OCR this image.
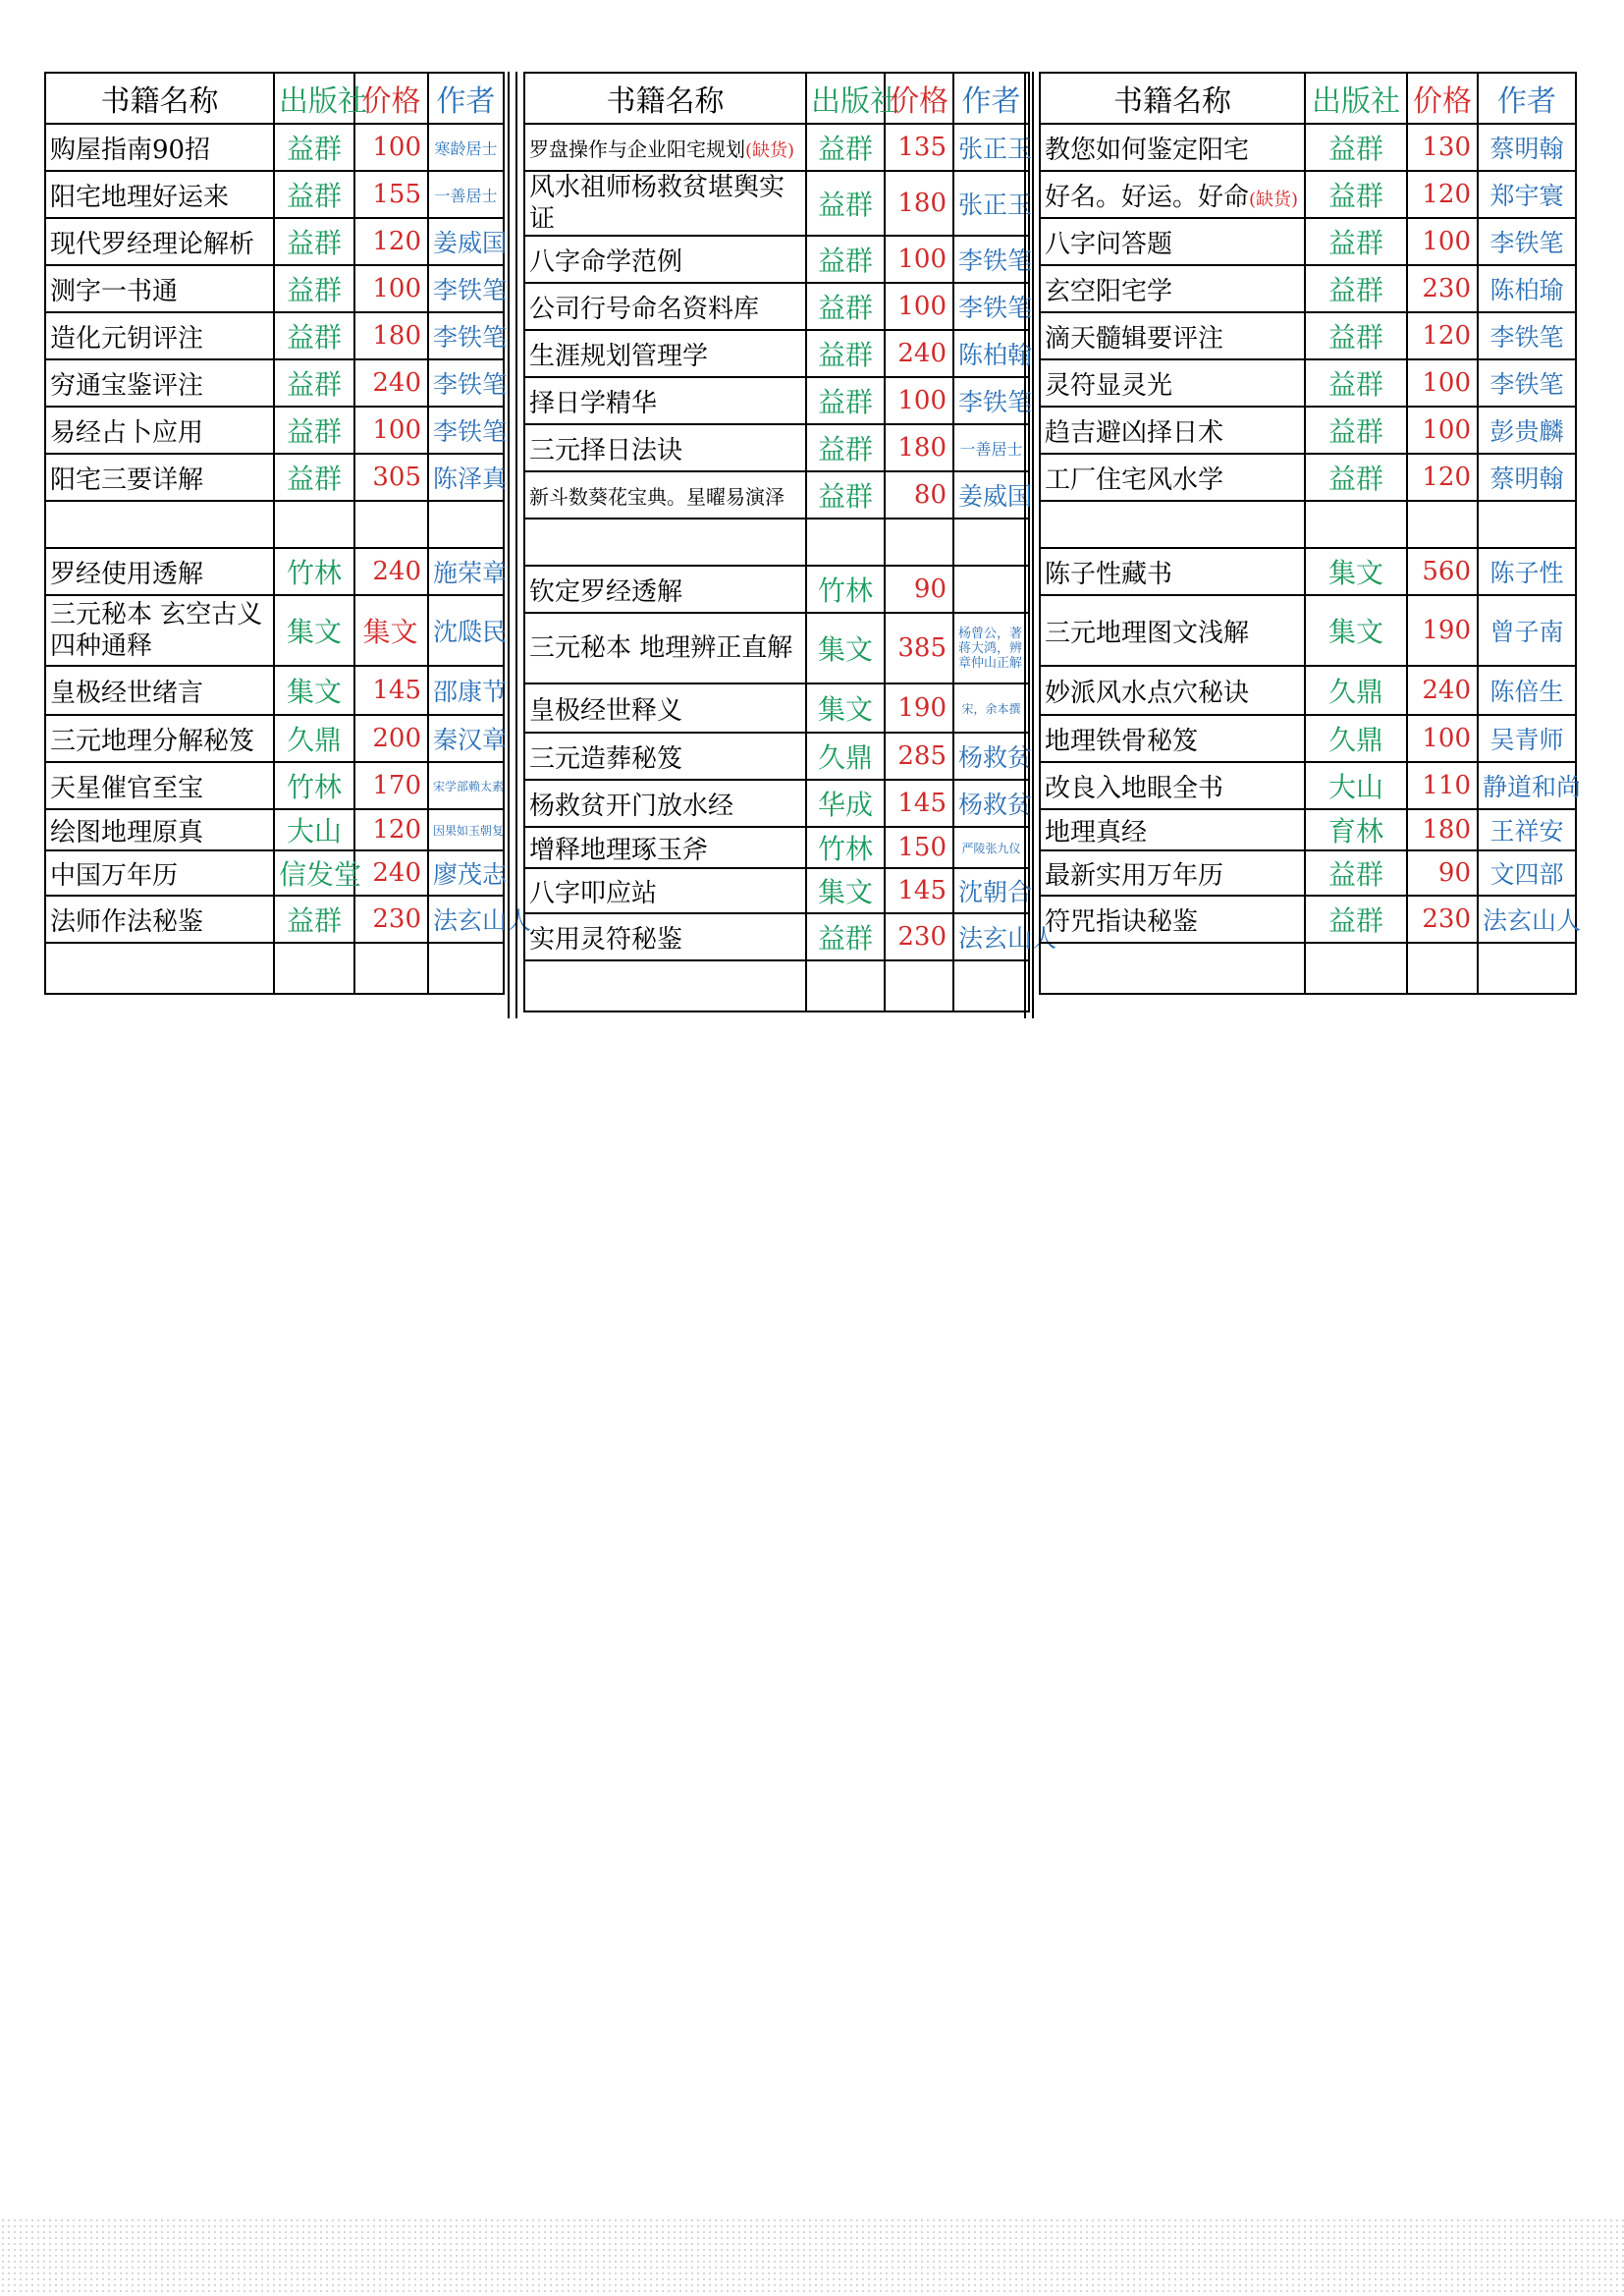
书籍名称	出版社	价格	作者
购屋指南90招	益群	100	寒龄居士
阳宅地理好运来	益群	155	一善居士
现代罗经理论解析	益群	120	姜威国
测字一书通	益群	100	李铁笔
造化元钥评注	益群	180	李铁笔
穷通宝鉴评注	益群	240	李铁笔
易经占卜应用	益群	100	李铁笔
阳宅三要详解	益群	305	陈泽真

罗经使用透解	竹林	240	施荣章
三元秘本 玄空古义四种通释	集文	集文	沈瓞民
皇极经世绪言	集文	145	邵康节
三元地理分解秘笈	久鼎	200	秦汉章
天星催官至宝	竹林	170	宋学部赖太素
绘图地理原真	大山	120	因果如玉朝复
中国万年历	信发堂	240	廖茂志
法师作法秘鉴	益群	230	法玄山人

书籍名称	出版社	价格	作者
罗盘操作与企业阳宅规划(缺货)	益群	135	张正玉
风水祖师杨救贫堪舆实证	益群	180	张正玉
八字命学范例	益群	100	李铁笔
公司行号命名资料库	益群	100	李铁笔
生涯规划管理学	益群	240	陈柏翰
择日学精华	益群	100	李铁笔
三元择日法诀	益群	180	一善居士
新斗数葵花宝典。星曜易演泽	益群	80	姜威国

钦定罗经透解	竹林	90	
三元秘本 地理辨正直解	集文	385	杨曾公，著 蒋大鸿，辨 章仲山正解
皇极经世释义	集文	190	宋，余本撰
三元造葬秘笈	久鼎	285	杨救贫
杨救贫开门放水经	华成	145	杨救贫
增释地理琢玉斧	竹林	150	严陵张九仪
八字叩应站	集文	145	沈朝合
实用灵符秘鉴	益群	230	法玄山人

书籍名称	出版社	价格	作者
教您如何鉴定阳宅	益群	130	蔡明翰
好名。好运。好命(缺货)	益群	120	郑宇寰
八字问答题	益群	100	李铁笔
玄空阳宅学	益群	230	陈柏瑜
滴天髓辑要评注	益群	120	李铁笔
灵符显灵光	益群	100	李铁笔
趋吉避凶择日术	益群	100	彭贵麟
工厂住宅风水学	益群	120	蔡明翰

陈子性藏书	集文	560	陈子性
三元地理图文浅解	集文	190	曾子南
妙派风水点穴秘诀	久鼎	240	陈倍生
地理铁骨秘笈	久鼎	100	吴青师
改良入地眼全书	大山	110	静道和尚
地理真经	育林	180	王祥安
最新实用万年历	益群	90	文四部
符咒指诀秘鉴	益群	230	法玄山人
